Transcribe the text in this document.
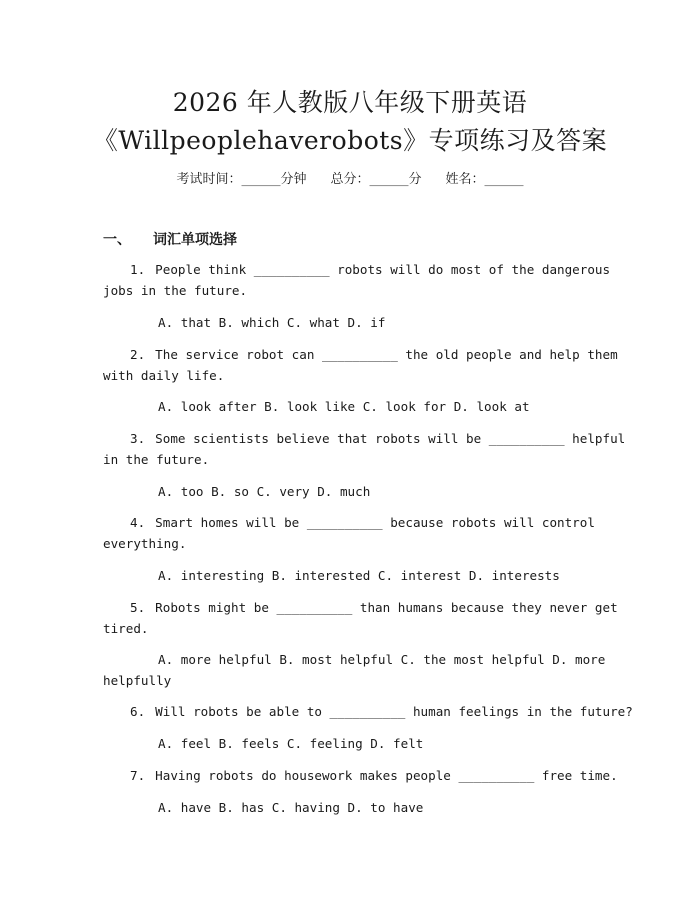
2026 年人教版八年级下册英语
《Willpeoplehaverobots》专项练习及答案
考试时间：______分钟 总分：______分 姓名：______
一、 词汇单项选择
1. People think __________ robots will do most of the dangerous
jobs in the future.
A. that B. which C. what D. if
2. The service robot can __________ the old people and help them
with daily life.
A. look after B. look like C. look for D. look at
3. Some scientists believe that robots will be __________ helpful
in the future.
A. too B. so C. very D. much
4. Smart homes will be __________ because robots will control
everything.
A. interesting B. interested C. interest D. interests
5. Robots might be __________ than humans because they never get
tired.
A. more helpful B. most helpful C. the most helpful D. more
helpfully
6. Will robots be able to __________ human feelings in the future?
A. feel B. feels C. feeling D. felt
7. Having robots do housework makes people __________ free time.
A. have B. has C. having D. to have
